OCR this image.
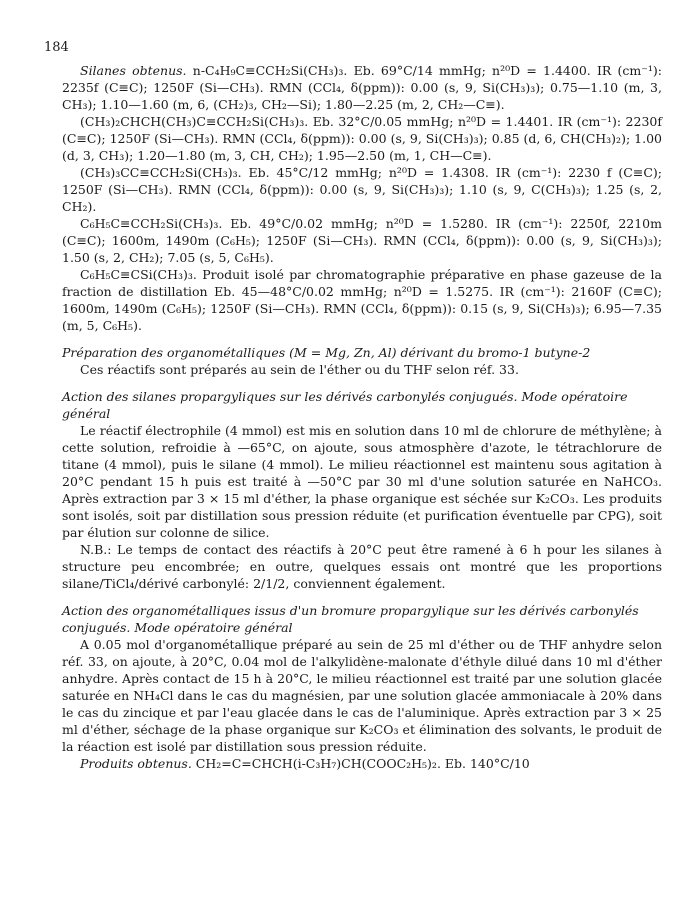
184

Silanes obtenus. n-C₄H₉C≡CCH₂Si(CH₃)₃. Eb. 69°C/14 mmHg; n²⁰D = 1.4400. IR (cm⁻¹): 2235f (C≡C); 1250F (Si—CH₃). RMN (CCl₄, δ(ppm)): 0.00 (s, 9, Si(CH₃)₃); 0.75—1.10 (m, 3, CH₃); 1.10—1.60 (m, 6, (CH₂)₃, CH₂—Si); 1.80—2.25 (m, 2, CH₂—C≡).

(CH₃)₂CHCH(CH₃)C≡CCH₂Si(CH₃)₃. Eb. 32°C/0.05 mmHg; n²⁰D = 1.4401. IR (cm⁻¹): 2230f (C≡C); 1250F (Si—CH₃). RMN (CCl₄, δ(ppm)): 0.00 (s, 9, Si(CH₃)₃); 0.85 (d, 6, CH(CH₃)₂); 1.00 (d, 3, CH₃); 1.20—1.80 (m, 3, CH, CH₂); 1.95—2.50 (m, 1, CH—C≡).

(CH₃)₃CC≡CCH₂Si(CH₃)₃. Eb. 45°C/12 mmHg; n²⁰D = 1.4308. IR (cm⁻¹): 2230 f (C≡C); 1250F (Si—CH₃). RMN (CCl₄, δ(ppm)): 0.00 (s, 9, Si(CH₃)₃); 1.10 (s, 9, C(CH₃)₃); 1.25 (s, 2, CH₂).

C₆H₅C≡CCH₂Si(CH₃)₃. Eb. 49°C/0.02 mmHg; n²⁰D = 1.5280. IR (cm⁻¹): 2250f, 2210m (C≡C); 1600m, 1490m (C₆H₅); 1250F (Si—CH₃). RMN (CCl₄, δ(ppm)): 0.00 (s, 9, Si(CH₃)₃); 1.50 (s, 2, CH₂); 7.05 (s, 5, C₆H₅).

C₆H₅C≡CSi(CH₃)₃. Produit isolé par chromatographie préparative en phase gazeuse de la fraction de distillation Eb. 45—48°C/0.02 mmHg; n²⁰D = 1.5275. IR (cm⁻¹): 2160F (C≡C); 1600m, 1490m (C₆H₅); 1250F (Si—CH₃). RMN (CCl₄, δ(ppm)): 0.15 (s, 9, Si(CH₃)₃); 6.95—7.35 (m, 5, C₆H₅).

Préparation des organométalliques (M = Mg, Zn, Al) dérivant du bromo-1 butyne-2

Ces réactifs sont préparés au sein de l'éther ou du THF selon réf. 33.

Action des silanes propargyliques sur les dérivés carbonylés conjugués. Mode opératoire général

Le réactif électrophile (4 mmol) est mis en solution dans 10 ml de chlorure de méthylène; à cette solution, refroidie à —65°C, on ajoute, sous atmosphère d'azote, le tétrachlorure de titane (4 mmol), puis le silane (4 mmol). Le milieu réactionnel est maintenu sous agitation à 20°C pendant 15 h puis est traité à —50°C par 30 ml d'une solution saturée en NaHCO₃. Après extraction par 3 × 15 ml d'éther, la phase organique est séchée sur K₂CO₃. Les produits sont isolés, soit par distillation sous pression réduite (et purification éventuelle par CPG), soit par élution sur colonne de silice.

N.B.: Le temps de contact des réactifs à 20°C peut être ramené à 6 h pour les silanes à structure peu encombrée; en outre, quelques essais ont montré que les proportions silane/TiCl₄/dérivé carbonylé: 2/1/2, conviennent également.

Action des organométalliques issus d'un bromure propargylique sur les dérivés carbonylés conjugués. Mode opératoire général

A 0.05 mol d'organométallique préparé au sein de 25 ml d'éther ou de THF anhydre selon réf. 33, on ajoute, à 20°C, 0.04 mol de l'alkylidène-malonate d'éthyle dilué dans 10 ml d'éther anhydre. Après contact de 15 h à 20°C, le milieu réactionnel est traité par une solution glacée saturée en NH₄Cl dans le cas du magnésien, par une solution glacée ammoniacale à 20% dans le cas du zincique et par l'eau glacée dans le cas de l'aluminique. Après extraction par 3 × 25 ml d'éther, séchage de la phase organique sur K₂CO₃ et élimination des solvants, le produit de la réaction est isolé par distillation sous pression réduite.

Produits obtenus. CH₂=C=CHCH(i-C₃H₇)CH(COOC₂H₅)₂. Eb. 140°C/10
